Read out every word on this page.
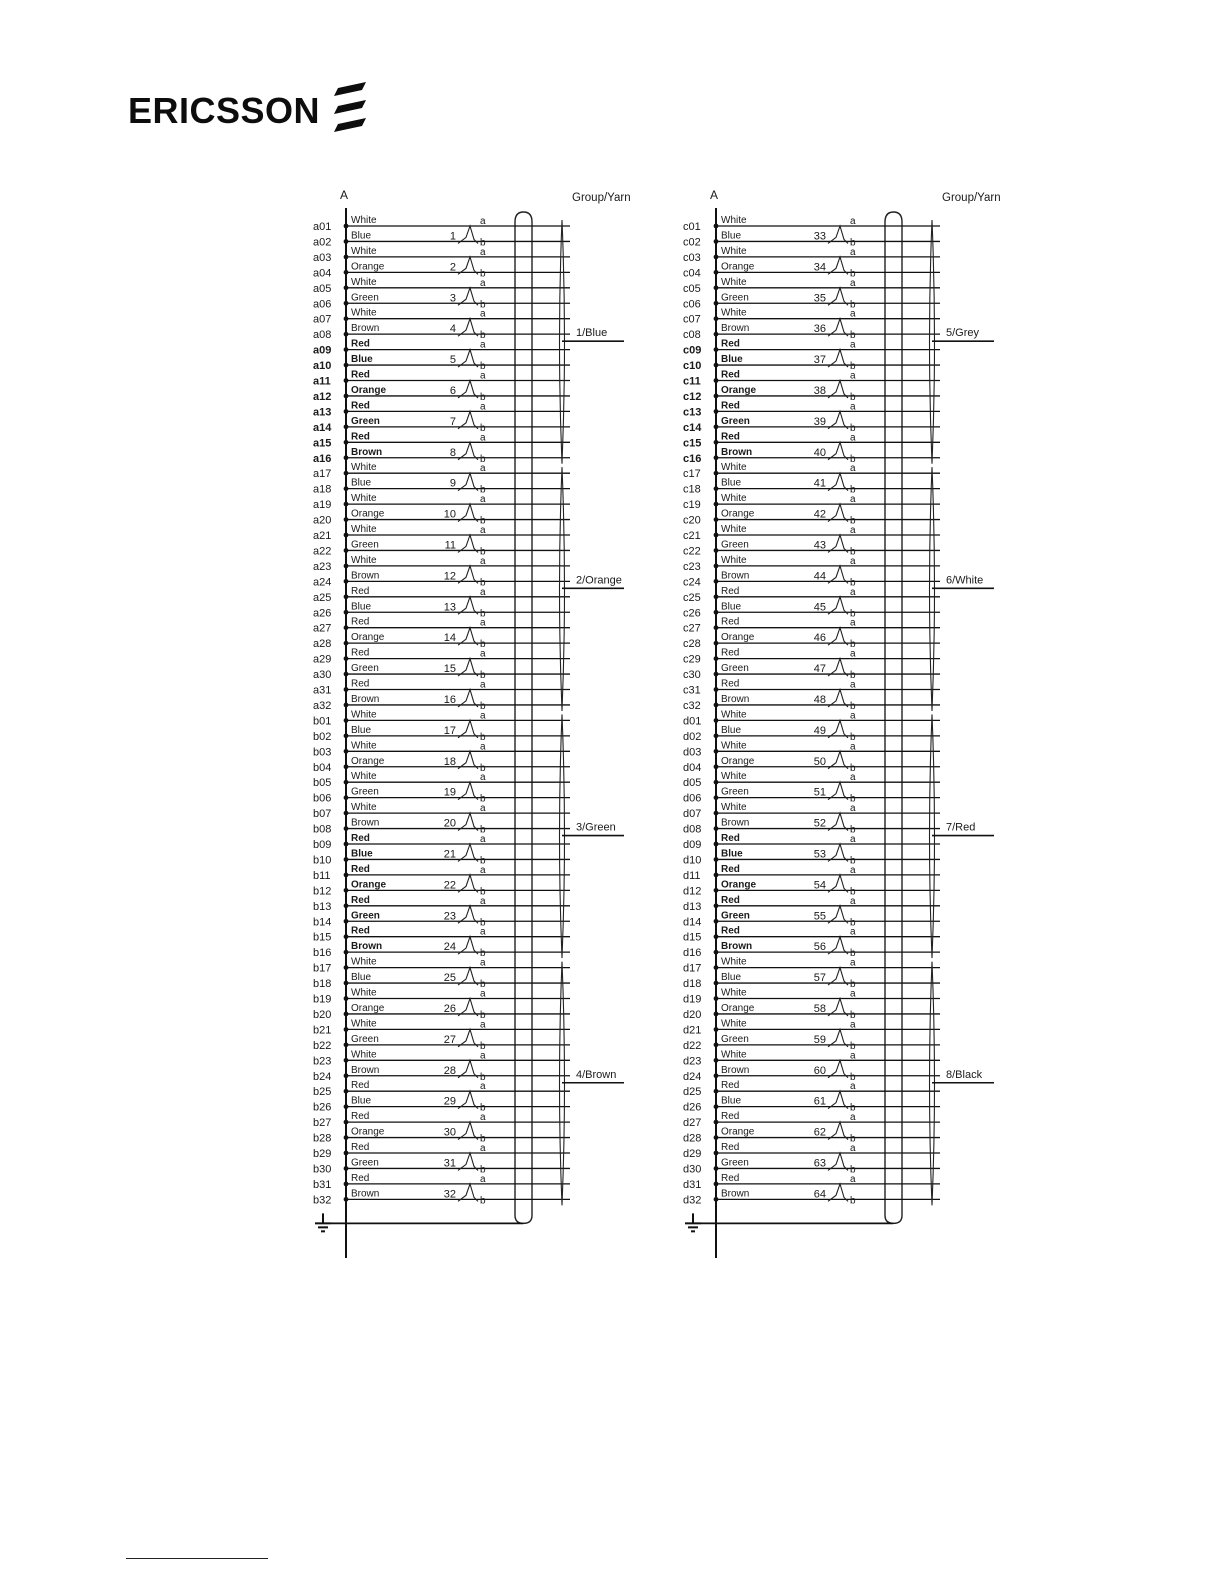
ERICSSON
A	Group/Yarn
a01
White
a02
Blue
a03
White
a04
Orange
a05
White
a06
Green
a07
White
a08
Brown
a09
Red
a10
Blue
a11
Red
a12
Orange
a13
Red
a14
Green
a15
Red
a16
Brown
a17
White
a18
Blue
a19
White
a20
Orange
a21
White
a22
Green
a23
White
a24
Brown
a25
Red
a26
Blue
a27
Red
a28
Orange
a29
Red
a30
Green
a31
Red
a32
Brown
b01
White
b02
Blue
b03
White
b04
Orange
b05
White
b06
Green
b07
White
b08
Brown
b09
Red
b10
Blue
b11
Red
b12
Orange
b13
Red
b14
Green
b15
Red
b16
Brown
b17
White
b18
Blue
b19
White
b20
Orange
b21
White
b22
Green
b23
White
b24
Brown
b25
Red
b26
Blue
b27
Red
b28
Orange
b29
Red
b30
Green
b31
Red
b32
Brown
a
b
1
a
b
2
a
b
3
a
b
4
a
b
5
a
b
6
a
b
7
a
b
8
a
b
9
a
b
10
a
b
11
a
b
12
a
b
13
a
b
14
a
b
15
a
b
16
a
b
17
a
b
18
a
b
19
a
b
20
a
b
21
a
b
22
a
b
23
a
b
24
a
b
25
a
b
26
a
b
27
a
b
28
a
b
29
a
b
30
a
b
31
a
b
32
1/Blue
2/Orange
3/Green
4/Brown
A	Group/Yarn
c01
White
c02
Blue
c03
White
c04
Orange
c05
White
c06
Green
c07
White
c08
Brown
c09
Red
c10
Blue
c11
Red
c12
Orange
c13
Red
c14
Green
c15
Red
c16
Brown
c17
White
c18
Blue
c19
White
c20
Orange
c21
White
c22
Green
c23
White
c24
Brown
c25
Red
c26
Blue
c27
Red
c28
Orange
c29
Red
c30
Green
c31
Red
c32
Brown
d01
White
d02
Blue
d03
White
d04
Orange
d05
White
d06
Green
d07
White
d08
Brown
d09
Red
d10
Blue
d11
Red
d12
Orange
d13
Red
d14
Green
d15
Red
d16
Brown
d17
White
d18
Blue
d19
White
d20
Orange
d21
White
d22
Green
d23
White
d24
Brown
d25
Red
d26
Blue
d27
Red
d28
Orange
d29
Red
d30
Green
d31
Red
d32
Brown
a
b
33
a
b
34
a
b
35
a
b
36
a
b
37
a
b
38
a
b
39
a
b
40
a
b
41
a
b
42
a
b
43
a
b
44
a
b
45
a
b
46
a
b
47
a
b
48
a
b
49
a
b
50
a
b
51
a
b
52
a
b
53
a
b
54
a
b
55
a
b
56
a
b
57
a
b
58
a
b
59
a
b
60
a
b
61
a
b
62
a
b
63
a
b
64
5/Grey
6/White
7/Red
8/Black
